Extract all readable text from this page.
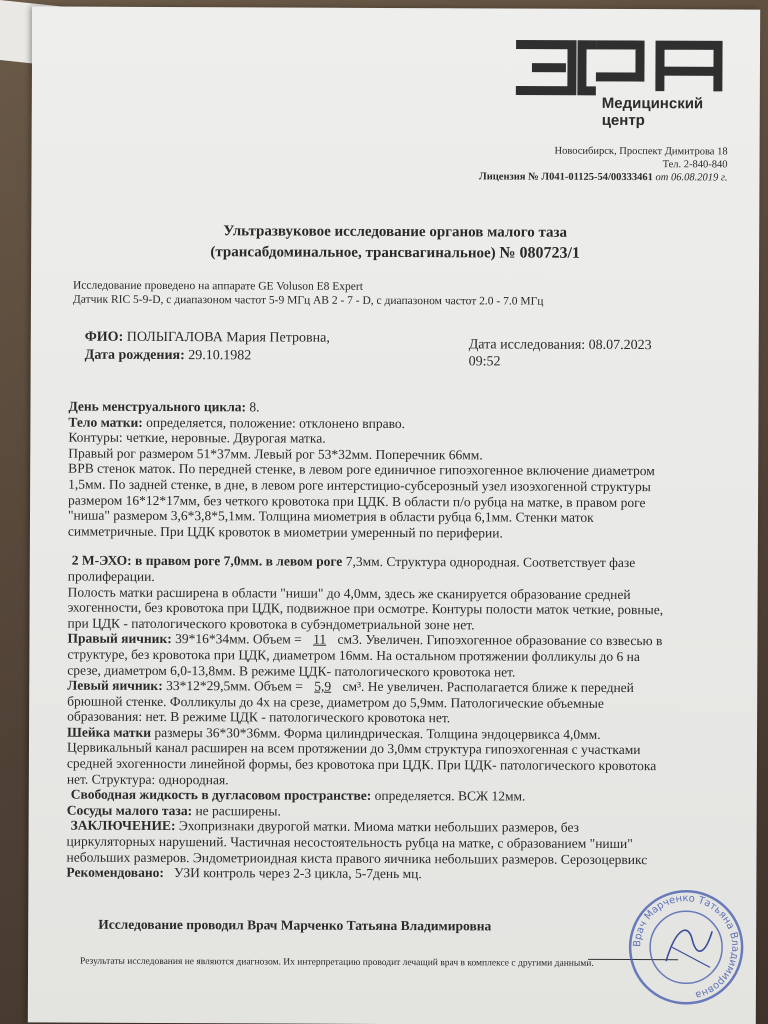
Медицинский
центр
Новосибирск, Проспект Димитрова 18
Тел. 2-840-840
Лицензия № Л041-01125-54/00333461 от 06.08.2019 г.
Ультразвуковое исследование органов малого таза
(трансабдоминальное, трансвагинальное) № 080723/1
Исследование проведено на аппарате GE Voluson E8 Expert
Датчик RIC 5-9-D, с диапазоном частот 5-9 МГц AB 2 - 7 - D, с диапазоном частот 2.0 - 7.0 МГц
ФИО: ПОЛЫГАЛОВА Мария Петровна,
Дата рождения: 29.10.1982
Дата исследования: 08.07.2023
09:52

День менструального цикла: 8.

Тело матки: определяется, положение: отклонено вправо.

Контуры: четкие, неровные. Двурогая матка.

Правый рог размером 51*37мм. Левый рог 53*32мм. Поперечник 66мм.

ВРВ стенок маток. По передней стенке, в левом роге единичное гипоэхогенное включение диаметром

1,5мм. По задней стенке, в дне, в левом роге интерстицио-субсерозный узел изоэхогенной структуры

размером 16*12*17мм, без четкого кровотока при ЦДК. В области п/о рубца на матке, в правом роге

"ниша" размером 3,6*3,8*5,1мм. Толщина миометрия в области рубца 6,1мм. Стенки маток

симметричные. При ЦДК кровоток в миометрии умеренный по периферии.

2 М-ЭХО: в правом роге 7,0мм. в левом роге 7,3мм. Структура однородная. Соответствует фазе

пролиферации.

Полость матки расширена в области "ниши" до 4,0мм, здесь же сканируется образование средней

эхогенности, без кровотока при ЦДК, подвижное при осмотре. Контуры полости маток четкие, ровные,

при ЦДК - патологического кровотока в субэндометриальной зоне нет.

Правый яичник: 39*16*34мм. Объем = 11 см3. Увеличен. Гипоэхогенное образование со взвесью в

структуре, без кровотока при ЦДК, диаметром 16мм. На остальном протяжении фолликулы до 6 на

срезе, диаметром 6,0-13,8мм. В режиме ЦДК- патологического кровотока нет.

Левый яичник: 33*12*29,5мм. Объем = 5,9 см³. Не увеличен. Располагается ближе к передней

брюшной стенке. Фолликулы до 4х на срезе, диаметром до 5,9мм. Патологические объемные

образования: нет. В режиме ЦДК - патологического кровотока нет.

Шейка матки размеры 36*30*36мм. Форма цилиндрическая. Толщина эндоцервикса 4,0мм.

Цервикальный канал расширен на всем протяжении до 3,0мм структура гипоэхогенная с участками

средней эхогенности линейной формы, без кровотока при ЦДК. При ЦДК- патологического кровотока

нет. Структура: однородная.

Свободная жидкость в дугласовом пространстве: определяется. ВСЖ 12мм.

Сосуды малого таза: не расширены.

ЗАКЛЮЧЕНИЕ: Эхопризнаки двурогой матки. Миома матки небольших размеров, без

циркуляторных нарушений. Частичная несостоятельность рубца на матке, с образованием "ниши"

небольших размеров. Эндометриоидная киста правого яичника небольших размеров. Серозоцервикс

Рекомендовано: УЗИ контроль через 2-3 цикла, 5-7день мц.

Исследование проводил Врач Марченко Татьяна Владимировна
Результаты исследования не являются диагнозом. Их интерпретацию проводит лечащий врач в комплексе с другими данными.
Врач Марченко Татьяна Владимировна
